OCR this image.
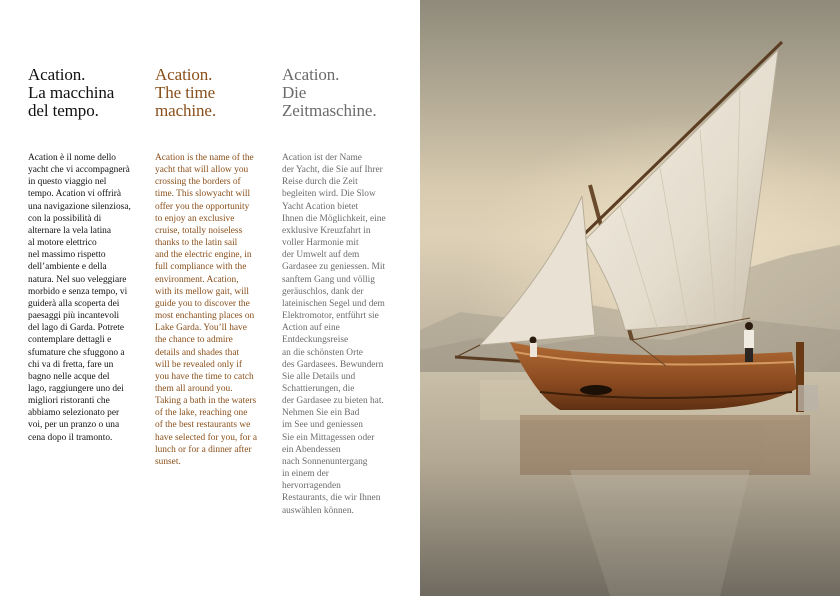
Acation.
La macchina
del tempo.
Acation è il nome dello
yacht che vi accompagnerà
in questo viaggio nel
tempo. Acation vi offrirà
una navigazione silenziosa,
con la possibilità di
alternare la vela latina
al motore elettrico
nel massimo rispetto
dell’ambiente e della
natura. Nel suo veleggiare
morbido e senza tempo, vi
guiderà alla scoperta dei
paesaggi più incantevoli
del lago di Garda. Potrete
contemplare dettagli e
sfumature che sfuggono a
chi va di fretta, fare un
bagno nelle acque del
lago, raggiungere uno dei
migliori ristoranti che
abbiamo selezionato per
voi, per un pranzo o una
cena dopo il tramonto.
Acation.
The time
machine.
Acation is the name of the
yacht that will allow you
crossing the borders of
time. This slowyacht will
offer you the opportunity
to enjoy an exclusive
cruise, totally noiseless
thanks to the latin sail
and the electric engine, in
full compliance with the
environment. Acation,
with its mellow gait, will
guide you to discover the
most enchanting places on
Lake Garda. You’ll have
the chance to admire
details and shades that
will be revealed only if
you have the time to catch
them all around you.
Taking a bath in the waters
of the lake, reaching one
of the best restaurants we
have selected for you, for a
lunch or for a dinner after
sunset.
Acation.
Die
Zeitmaschine.
Acation ist der Name
der Yacht, die Sie auf Ihrer
Reise durch die Zeit
begleiten wird. Die Slow
Yacht Acation bietet
Ihnen die Möglichkeit, eine
exklusive Kreuzfahrt in
voller Harmonie mit
der Umwelt auf dem
Gardasee zu geniessen. Mit
sanftem Gang und völlig
geräuschlos, dank der
lateinischen Segel und dem
Elektromotor, entführt sie
Action auf eine
Entdeckungsreise
an die schönsten Orte
des Gardasees. Bewundern
Sie alle Details und
Schattierungen, die
der Gardasee zu bieten hat.
Nehmen Sie ein Bad
im See und geniessen
Sie ein Mittagessen oder
ein Abendessen
nach Sonnenuntergang
in einem der
hervorragenden
Restaurants, die wir Ihnen
auswählen können.
